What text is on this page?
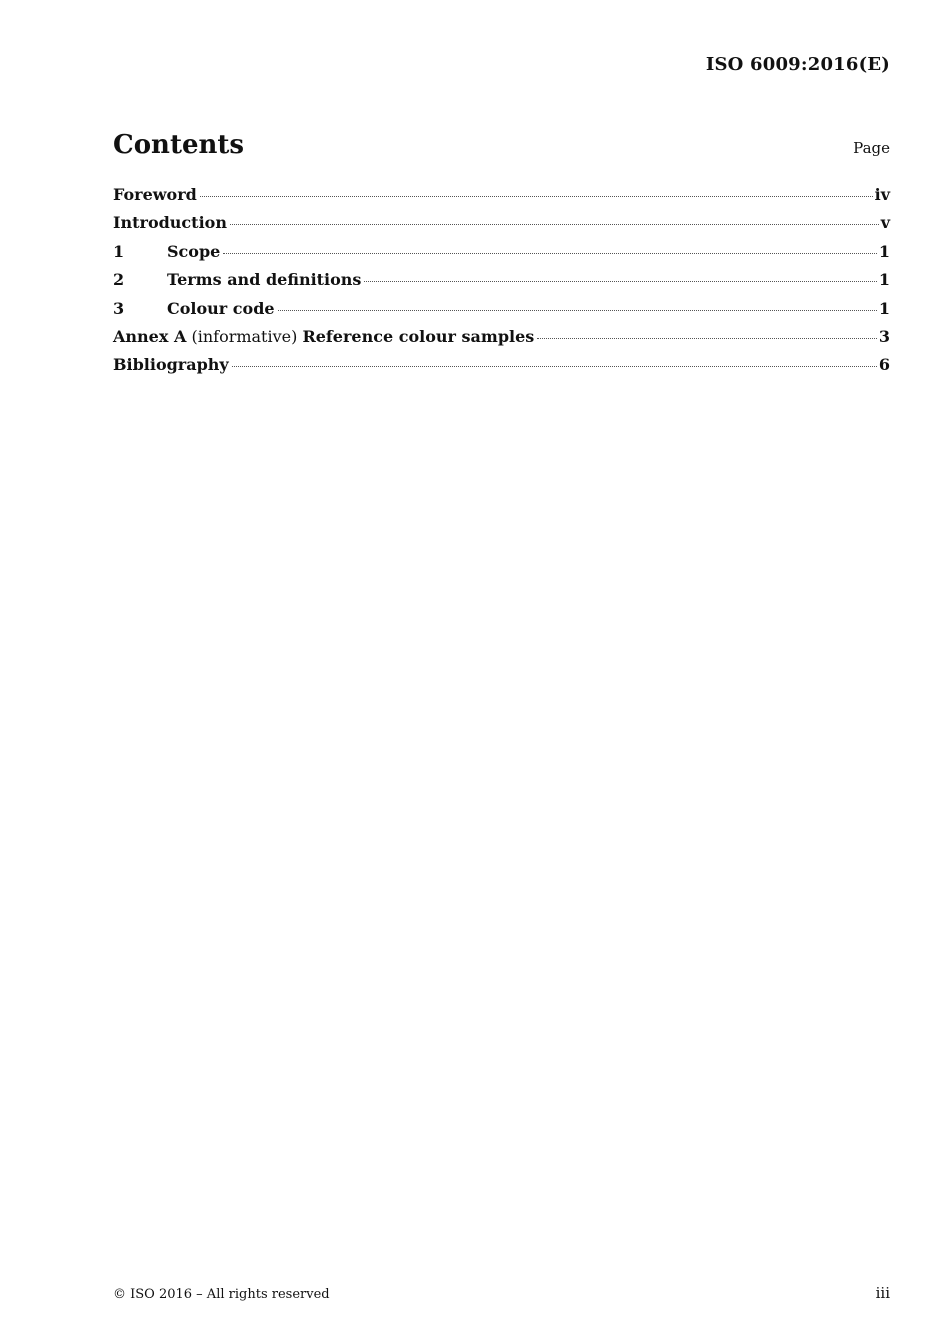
ISO 6009:2016(E)
Contents	Page
Foreword	iv
Introduction	v
1	Scope	1
2	Terms and definitions	1
3	Colour code	1
Annex A (informative) Reference colour samples	3
Bibliography	6
© ISO 2016 – All rights reserved	iii
